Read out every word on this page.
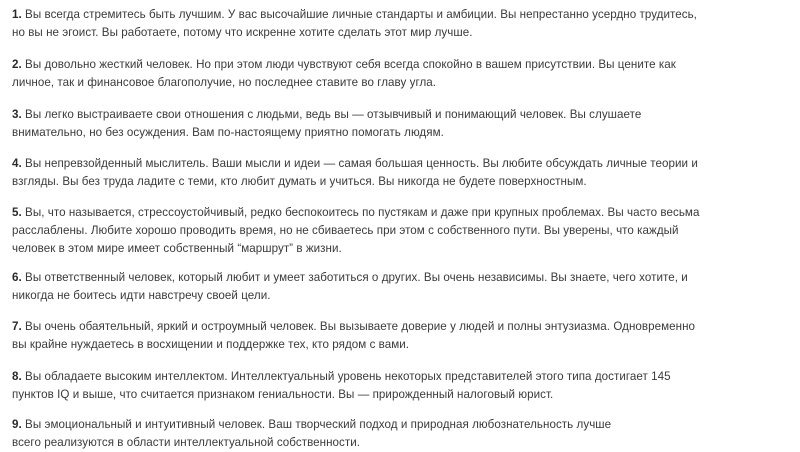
1. Вы всегда стремитесь быть лучшим. У вас высочайшие личные стандарты и амбиции. Вы непрестанно усердно трудитесь,
но вы не эгоист. Вы работаете, потому что искренне хотите сделать этот мир лучше.

2. Вы довольно жесткий человек. Но при этом люди чувствуют себя всегда спокойно в вашем присутствии. Вы цените как
личное, так и финансовое благополучие, но последнее ставите во главу угла.

3. Вы легко выстраиваете свои отношения с людьми, ведь вы — отзывчивый и понимающий человек. Вы слушаете
внимательно, но без осуждения. Вам по-настоящему приятно помогать людям.

4. Вы непревзойденный мыслитель. Ваши мысли и идеи — самая большая ценность. Вы любите обсуждать личные теории и
взгляды. Вы без труда ладите с теми, кто любит думать и учиться. Вы никогда не будете поверхностным.

5. Вы, что называется, стрессоустойчивый, редко беспокоитесь по пустякам и даже при крупных проблемах. Вы часто весьма
расслаблены. Любите хорошо проводить время, но не сбиваетесь при этом с собственного пути. Вы уверены, что каждый
человек в этом мире имеет собственный “маршрут” в жизни.

6. Вы ответственный человек, который любит и умеет заботиться о других. Вы очень независимы. Вы знаете, чего хотите, и
никогда не боитесь идти навстречу своей цели.

7. Вы очень обаятельный, яркий и остроумный человек. Вы вызываете доверие у людей и полны энтузиазма. Одновременно
вы крайне нуждаетесь в восхищении и поддержке тех, кто рядом с вами.

8. Вы обладаете высоким интеллектом. Интеллектуальный уровень некоторых представителей этого типа достигает 145
пунктов IQ и выше, что считается признаком гениальности. Вы — прирожденный налоговый юрист.

9. Вы эмоциональный и интуитивный человек. Ваш творческий подход и природная любознательность лучше
всего реализуются в области интеллектуальной собственности.
